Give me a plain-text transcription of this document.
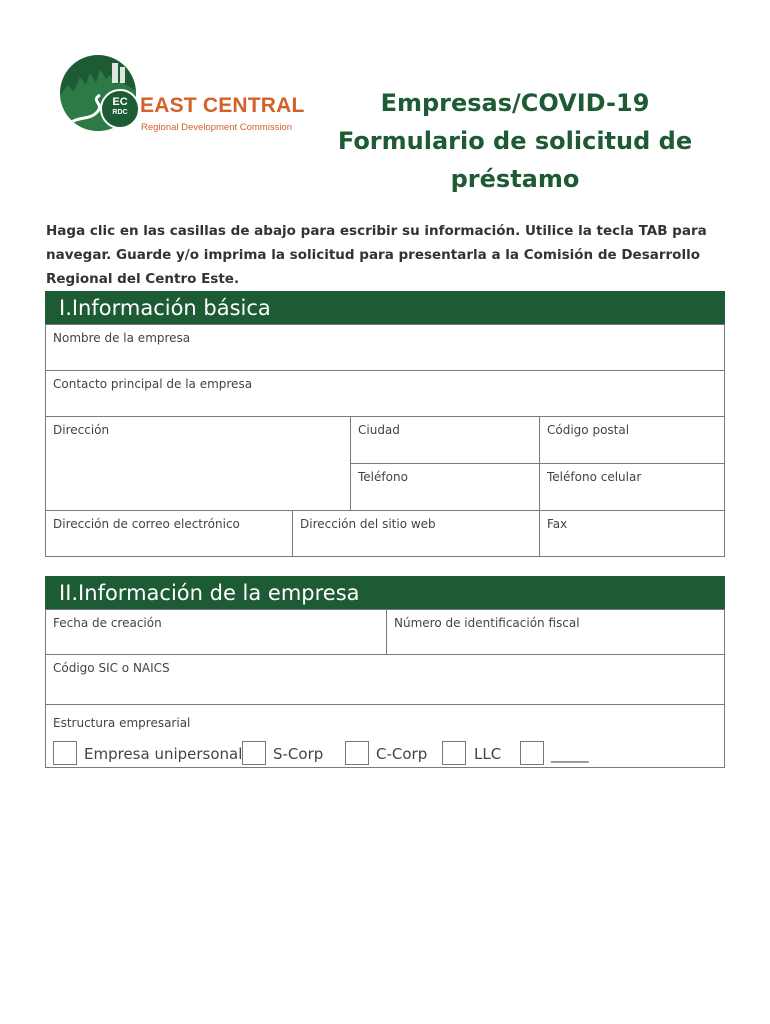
EC
RDC EAST CENTRAL
Regional Development Commission
Empresas/COVID-19
Formulario de solicitud de
préstamo
Haga clic en las casillas de abajo para escribir su información. Utilice la tecla TAB para navegar. Guarde y/o imprima la solicitud para presentarla a la Comisión de Desarrollo Regional del Centro Este.
I.Información básica
Nombre de la empresa
Contacto principal de la empresa
Dirección	Ciudad	Código postal
Teléfono	Teléfono celular
Dirección de correo electrónico	Dirección del sitio web	Fax
II.Información de la empresa
Fecha de creación	Número de identificación fiscal
Código SIC o NAICS
Estructura empresarial
Empresa unipersonal S-Corp	C-Corp	LLC	_____
